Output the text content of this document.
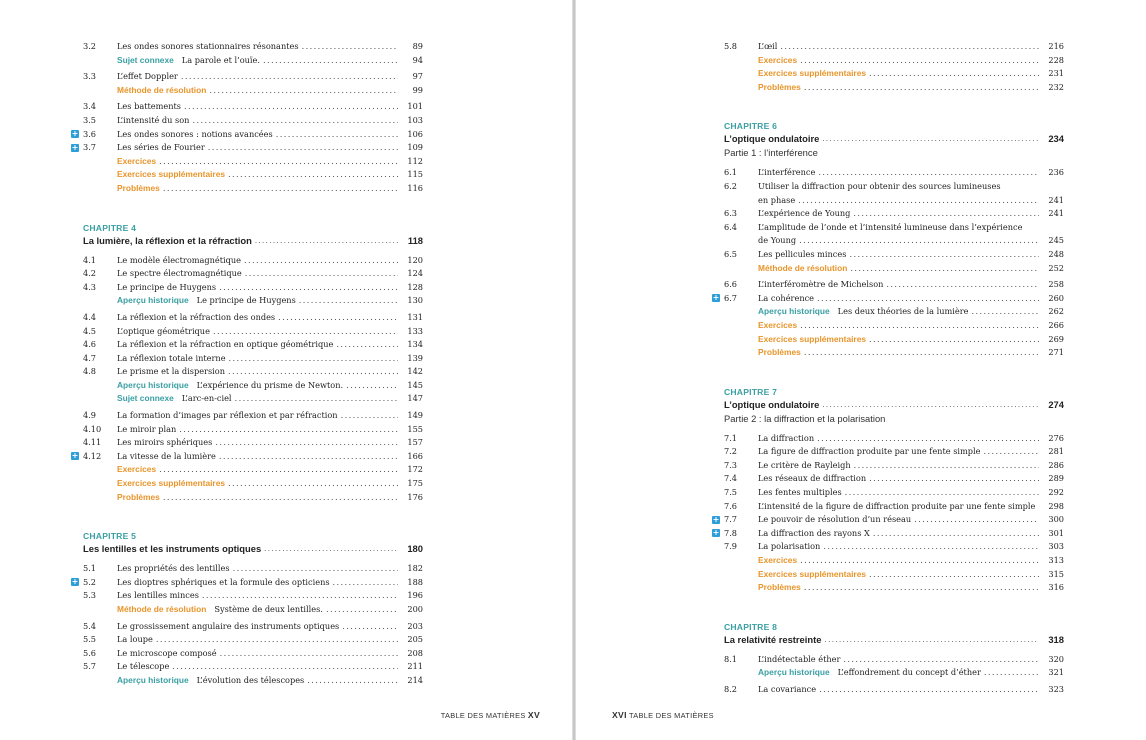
3.2	Les ondes sonores stationnaires résonantes .....	89
Sujet connexe La parole et l’ouïe. .....	94
3.3	L’effet Doppler .....	97
Méthode de résolution .....	99
3.4	Les battements .....	101
3.5	L’intensité du son .....	103
+ 3.6	Les ondes sonores : notions avancées .....	106
+ 3.7	Les séries de Fourier .....	109
Exercices .....	112
Exercices supplémentaires .....	115
Problèmes .....	116
CHAPITRE 4
La lumière, la réflexion et la réfraction .....	118
4.1	Le modèle électromagnétique .....	120
4.2	Le spectre électromagnétique .....	124
4.3	Le principe de Huygens .....	128
Aperçu historique Le principe de Huygens .....	130
4.4	La réflexion et la réfraction des ondes .....	131
4.5	L’optique géométrique .....	133
4.6	La réflexion et la réfraction en optique géométrique .....	134
4.7	La réflexion totale interne .....	139
4.8	Le prisme et la dispersion .....	142
Aperçu historique L’expérience du prisme de Newton. .....	145
Sujet connexe L’arc-en-ciel .....	147
4.9	La formation d’images par réflexion et par réfraction .....	149
4.10	Le miroir plan .....	155
4.11	Les miroirs sphériques .....	157
+ 4.12	La vitesse de la lumière .....	166
Exercices .....	172
Exercices supplémentaires .....	175
Problèmes .....	176
CHAPITRE 5
Les lentilles et les instruments optiques .....	180
5.1	Les propriétés des lentilles .....	182
+ 5.2	Les dioptres sphériques et la formule des opticiens .....	188
5.3	Les lentilles minces .....	196
Méthode de résolution Système de deux lentilles. .....	200
5.4	Le grossissement angulaire des instruments optiques .....	203
5.5	La loupe .....	205
5.6	Le microscope composé .....	208
5.7	Le télescope .....	211
Aperçu historique L’évolution des télescopes .....	214
TABLE DES MATIÈRES XV
5.8	L’œil .....	216
Exercices .....	228
Exercices supplémentaires .....	231
Problèmes .....	232
CHAPITRE 6
L’optique ondulatoire .....	234
Partie 1 : l’interférence
6.1	L’interférence .....	236
6.2	Utiliser la diffraction pour obtenir des sources lumineuses
en phase .....	241
6.3	L’expérience de Young .....	241
6.4	L’amplitude de l’onde et l’intensité lumineuse dans l’expérience
de Young .....	245
6.5	Les pellicules minces .....	248
Méthode de résolution .....	252
6.6	L’interféromètre de Michelson .....	258
+ 6.7	La cohérence .....	260
Aperçu historique Les deux théories de la lumière .....	262
Exercices .....	266
Exercices supplémentaires .....	269
Problèmes .....	271
CHAPITRE 7
L’optique ondulatoire .....	274
Partie 2 : la diffraction et la polarisation
7.1	La diffraction .....	276
7.2	La figure de diffraction produite par une fente simple .....	281
7.3	Le critère de Rayleigh .....	286
7.4	Les réseaux de diffraction .....	289
7.5	Les fentes multiples .....	292
7.6	L’intensité de la figure de diffraction produite par une fente simple .....	298
+ 7.7	Le pouvoir de résolution d’un réseau .....	300
+ 7.8	La diffraction des rayons X .....	301
7.9	La polarisation .....	303
Exercices .....	313
Exercices supplémentaires .....	315
Problèmes .....	316
CHAPITRE 8
La relativité restreinte .....	318
8.1	L’indétectable éther .....	320
Aperçu historique L’effondrement du concept d’éther .....	321
8.2	La covariance .....	323
XVI TABLE DES MATIÈRES
